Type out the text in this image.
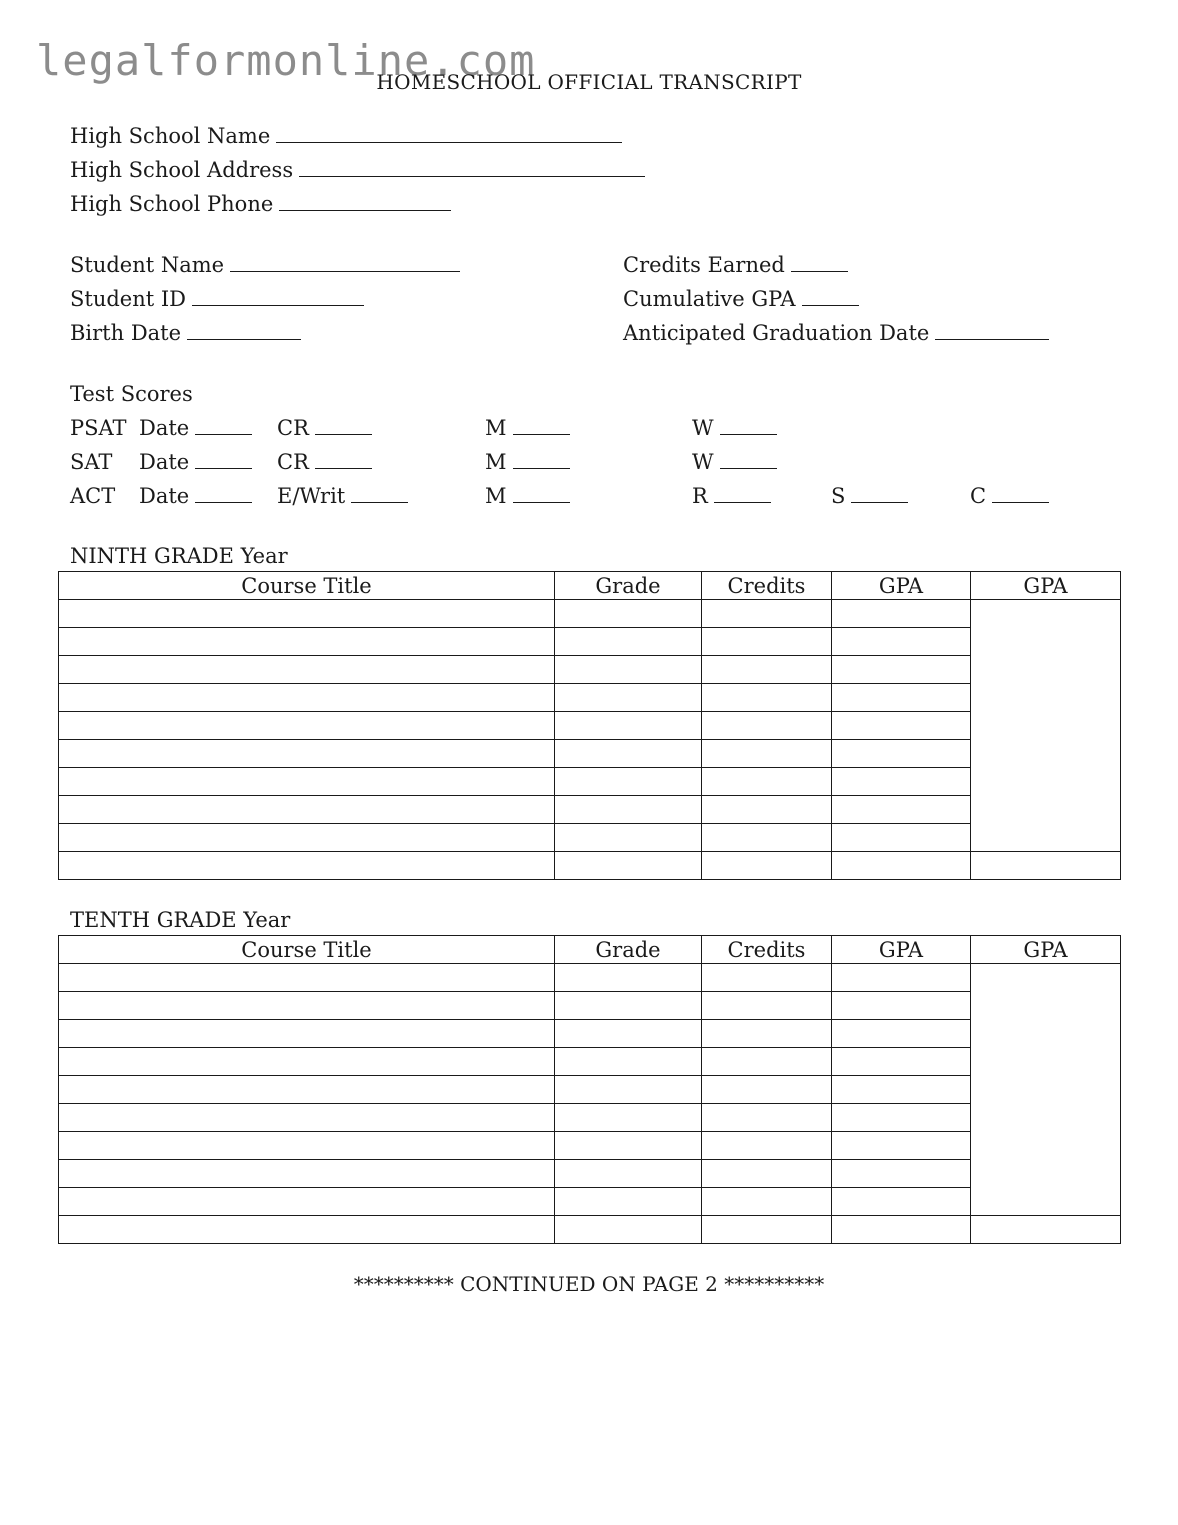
legalformonline.com
HOMESCHOOL OFFICIAL TRANSCRIPT
High School Name
High School Address
High School Phone
Student Name
Student ID
Birth Date
Credits Earned
Cumulative GPA
Anticipated Graduation Date
Test Scores
PSAT Date	CR	M	W
SAT Date	CR	M	W
ACT Date	E/Writ	M	R	S	C
NINTH GRADE Year
Course Title	Grade	Credits	GPA	GPA

TENTH GRADE Year
Course Title	Grade	Credits	GPA	GPA

********** CONTINUED ON PAGE 2 **********
